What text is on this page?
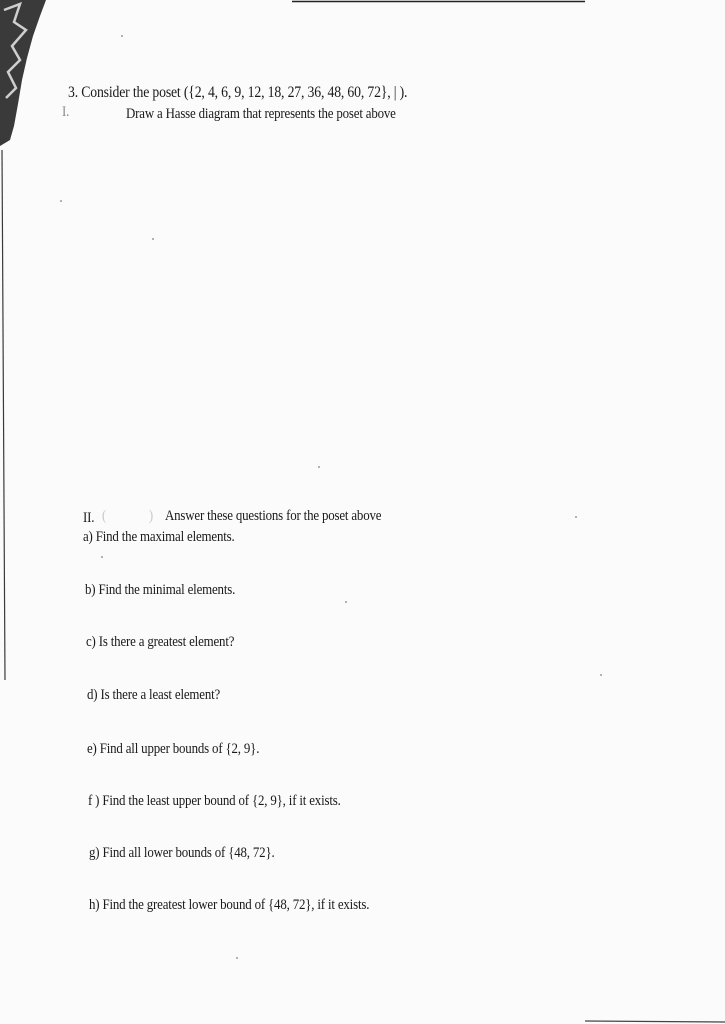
3. Consider the poset ({2, 4, 6, 9, 12, 18, 27, 36, 48, 60, 72}, | ).
I.	Draw a Hasse diagram that represents the poset above
II. (              ) Answer these questions for the poset above
a) Find the maximal elements.
b) Find the minimal elements.
c) Is there a greatest element?
d) Is there a least element?
e) Find all upper bounds of {2, 9}.
f ) Find the least upper bound of {2, 9}, if it exists.
g) Find all lower bounds of {48, 72}.
h) Find the greatest lower bound of {48, 72}, if it exists.
